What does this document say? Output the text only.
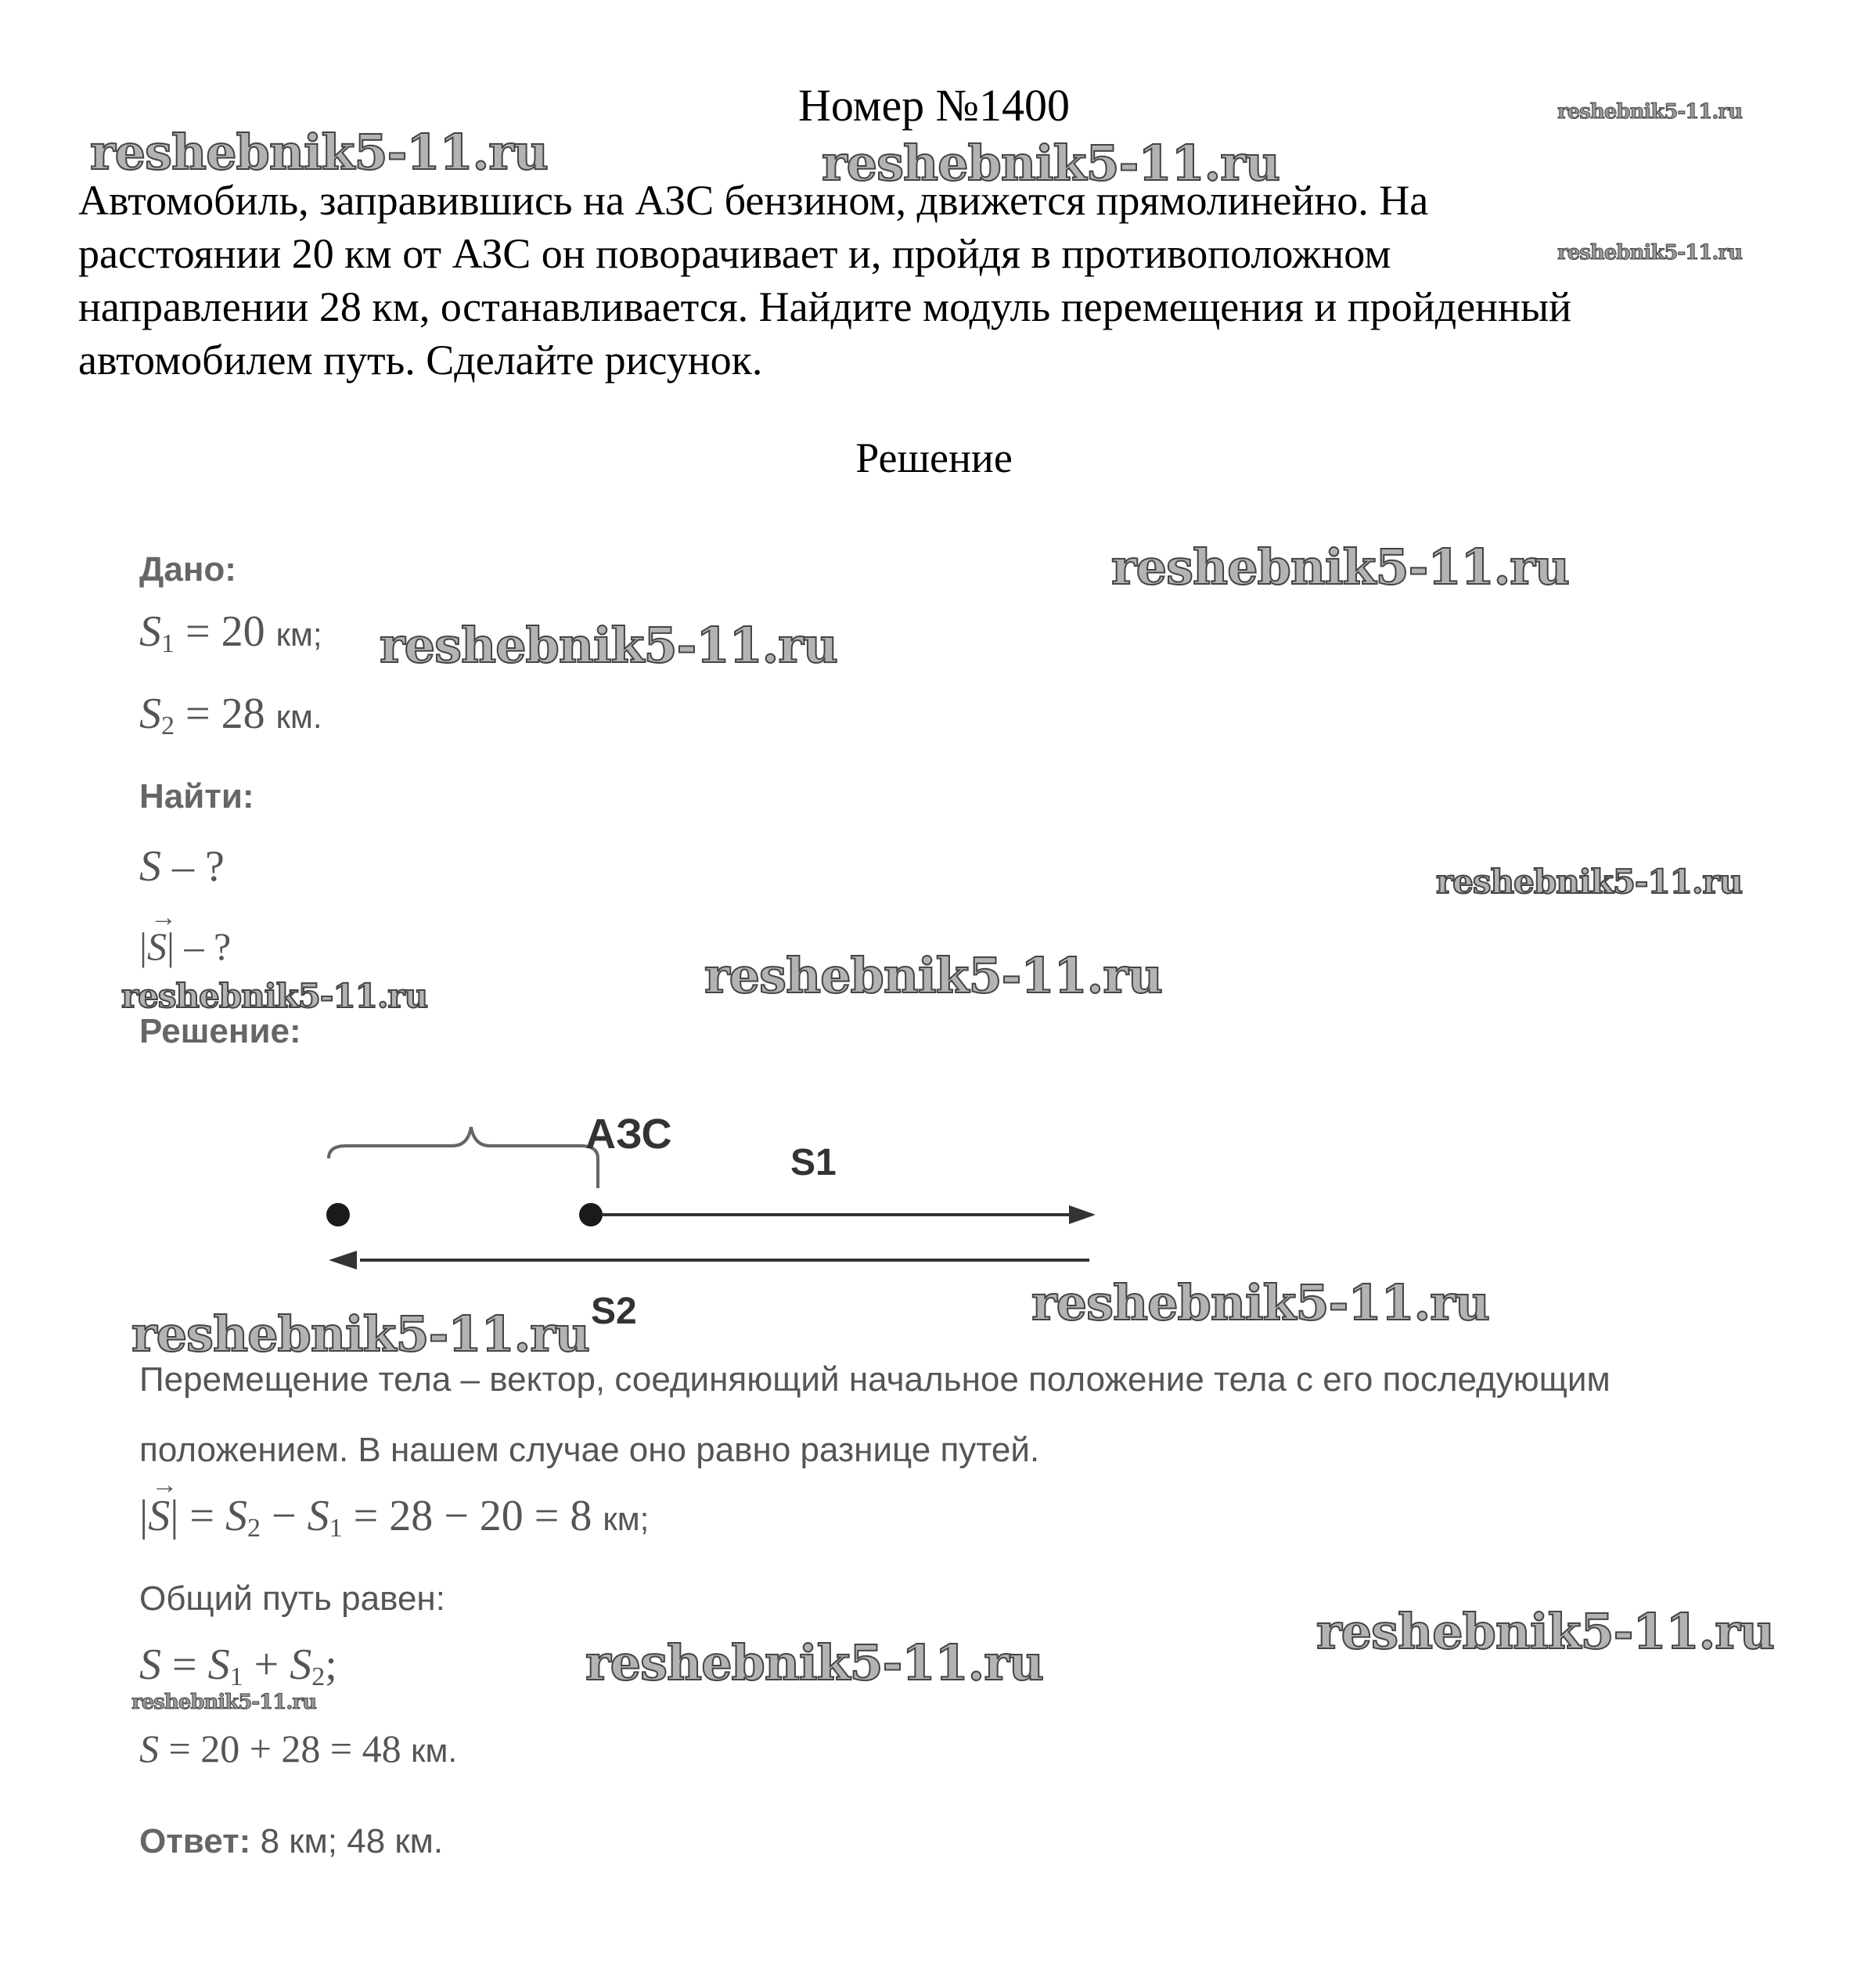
Номер №1400
Автомобиль, заправившись на АЗС бензином, движется прямолинейно. На
расстоянии 20 км от АЗС он поворачивает и, пройдя в противоположном
направлении 28 км, останавливается. Найдите модуль перемещения и пройденный
автомобилем путь. Сделайте рисунок.
Решение
Дано:
$S_1 = 20$ км;
$S_2 = 28$ км.
Найти:
S – ?
|→ S| – ?
Решение:
АЗС
S1
S2
Перемещение тела – вектор, соединяющий начальное положение тела с его последующим
положением. В нашем случае оно равно разнице путей.
|→ $S| = S_2 - S_1 = 28 - 20 = 8$ км;
Общий путь равен:
$S = S_1 + S_2$;
S = 20 + 28 = 48 км.
Ответ: 8 км; 48 км.
reshebnik5-11.ru	reshebnik5-11.ru
reshebnik5-11.ru
reshebnik5-11.ru
reshebnik5-11.ru
reshebnik5-11.ru
reshebnik5-11.ru
reshebnik5-11.ru
reshebnik5-11.ru
reshebnik5-11.ru
reshebnik5-11.ru
reshebnik5-11.ru
reshebnik5-11.ru
reshebnik5-11.ru
